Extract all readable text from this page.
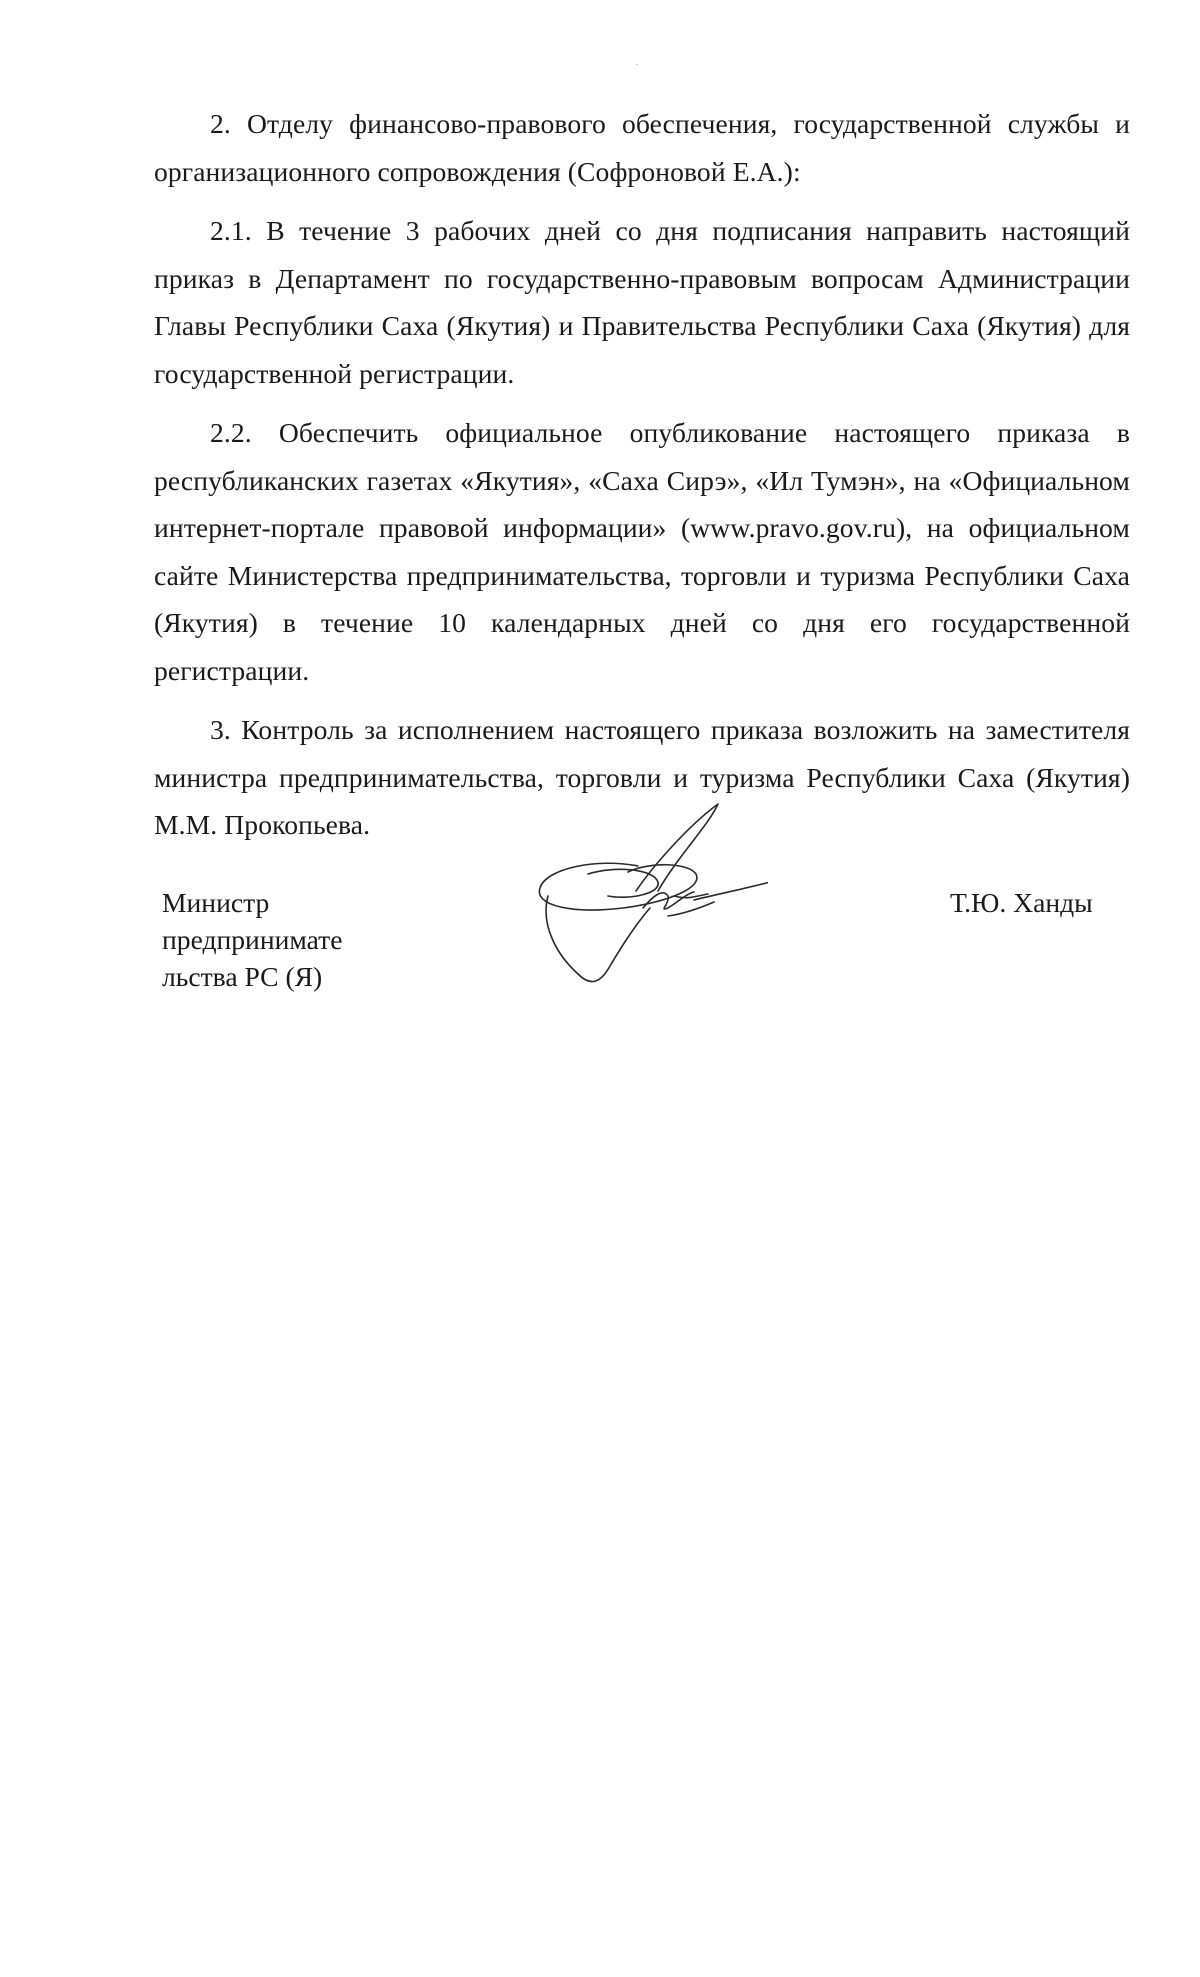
2. Отделу финансово-правового обеспечения, государственной службы и организационного сопровождения (Софроновой Е.А.):

2.1. В течение 3 рабочих дней со дня подписания направить настоящий приказ в Департамент по государственно-правовым вопросам Администрации Главы Республики Саха (Якутия) и Правительства Республики Саха (Якутия) для государственной регистрации.

2.2. Обеспечить официальное опубликование настоящего приказа в республиканских газетах «Якутия», «Саха Сирэ», «Ил Тумэн», на «Официальном интернет-портале правовой информации» (www.pravo.gov.ru), на официальном сайте Министерства предпринимательства, торговли и туризма Республики Саха (Якутия) в течение 10 календарных дней со дня его государственной регистрации.

3. Контроль за исполнением настоящего приказа возложить на заместителя министра предпринимательства, торговли и туризма Республики Саха (Якутия) М.М. Прокопьева.

Министр
предпринимате
льства РС (Я)
Т.Ю. Ханды
